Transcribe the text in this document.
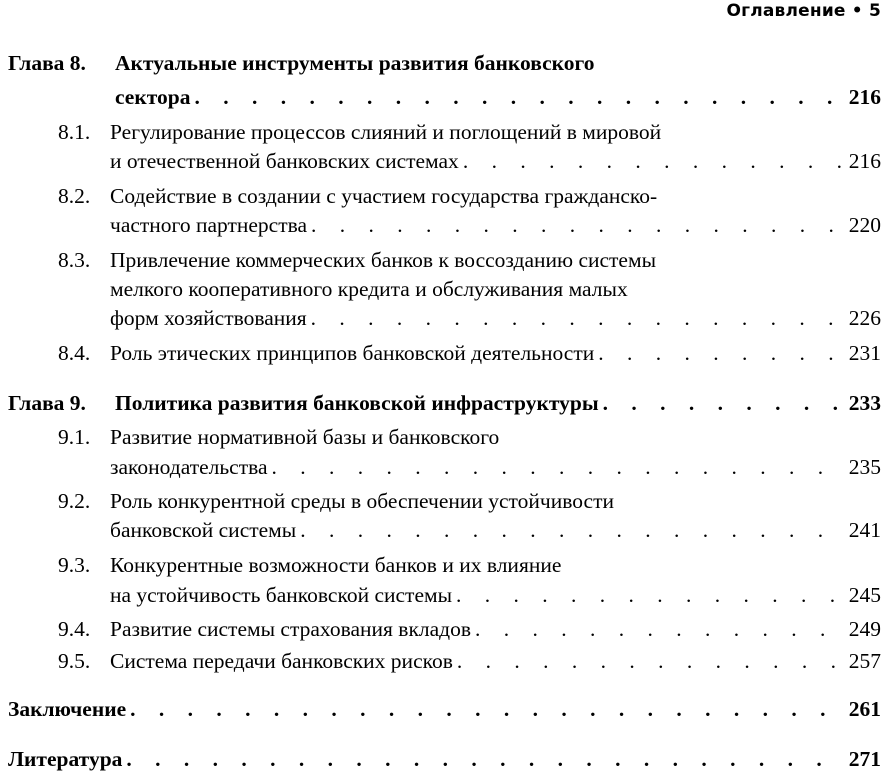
Оглавление • 5
Глава 8. Актуальные инструменты развития банковского
сектора . . .	216
8.1. Регулирование процессов слияний и поглощений в мировой
и отечественной банковских системах . . .	216
8.2. Содействие в создании с участием государства гражданско-
частного партнерства . . .	220
8.3. Привлечение коммерческих банков к воссозданию системы
мелкого кооперативного кредита и обслуживания малых
форм хозяйствования . . .	226
8.4. Роль этических принципов банковской деятельности . . .	231
Глава 9. Политика развития банковской инфраструктуры . . .	233
9.1. Развитие нормативной базы и банковского
законодательства . . .	235
9.2. Роль конкурентной среды в обеспечении устойчивости
банковской системы . . .	241
9.3. Конкурентные возможности банков и их влияние
на устойчивость банковской системы . . .	245
9.4. Развитие системы страхования вкладов . . .	249
9.5. Система передачи банковских рисков . . .	257
Заключение . . .	261
Литература . . .	271
